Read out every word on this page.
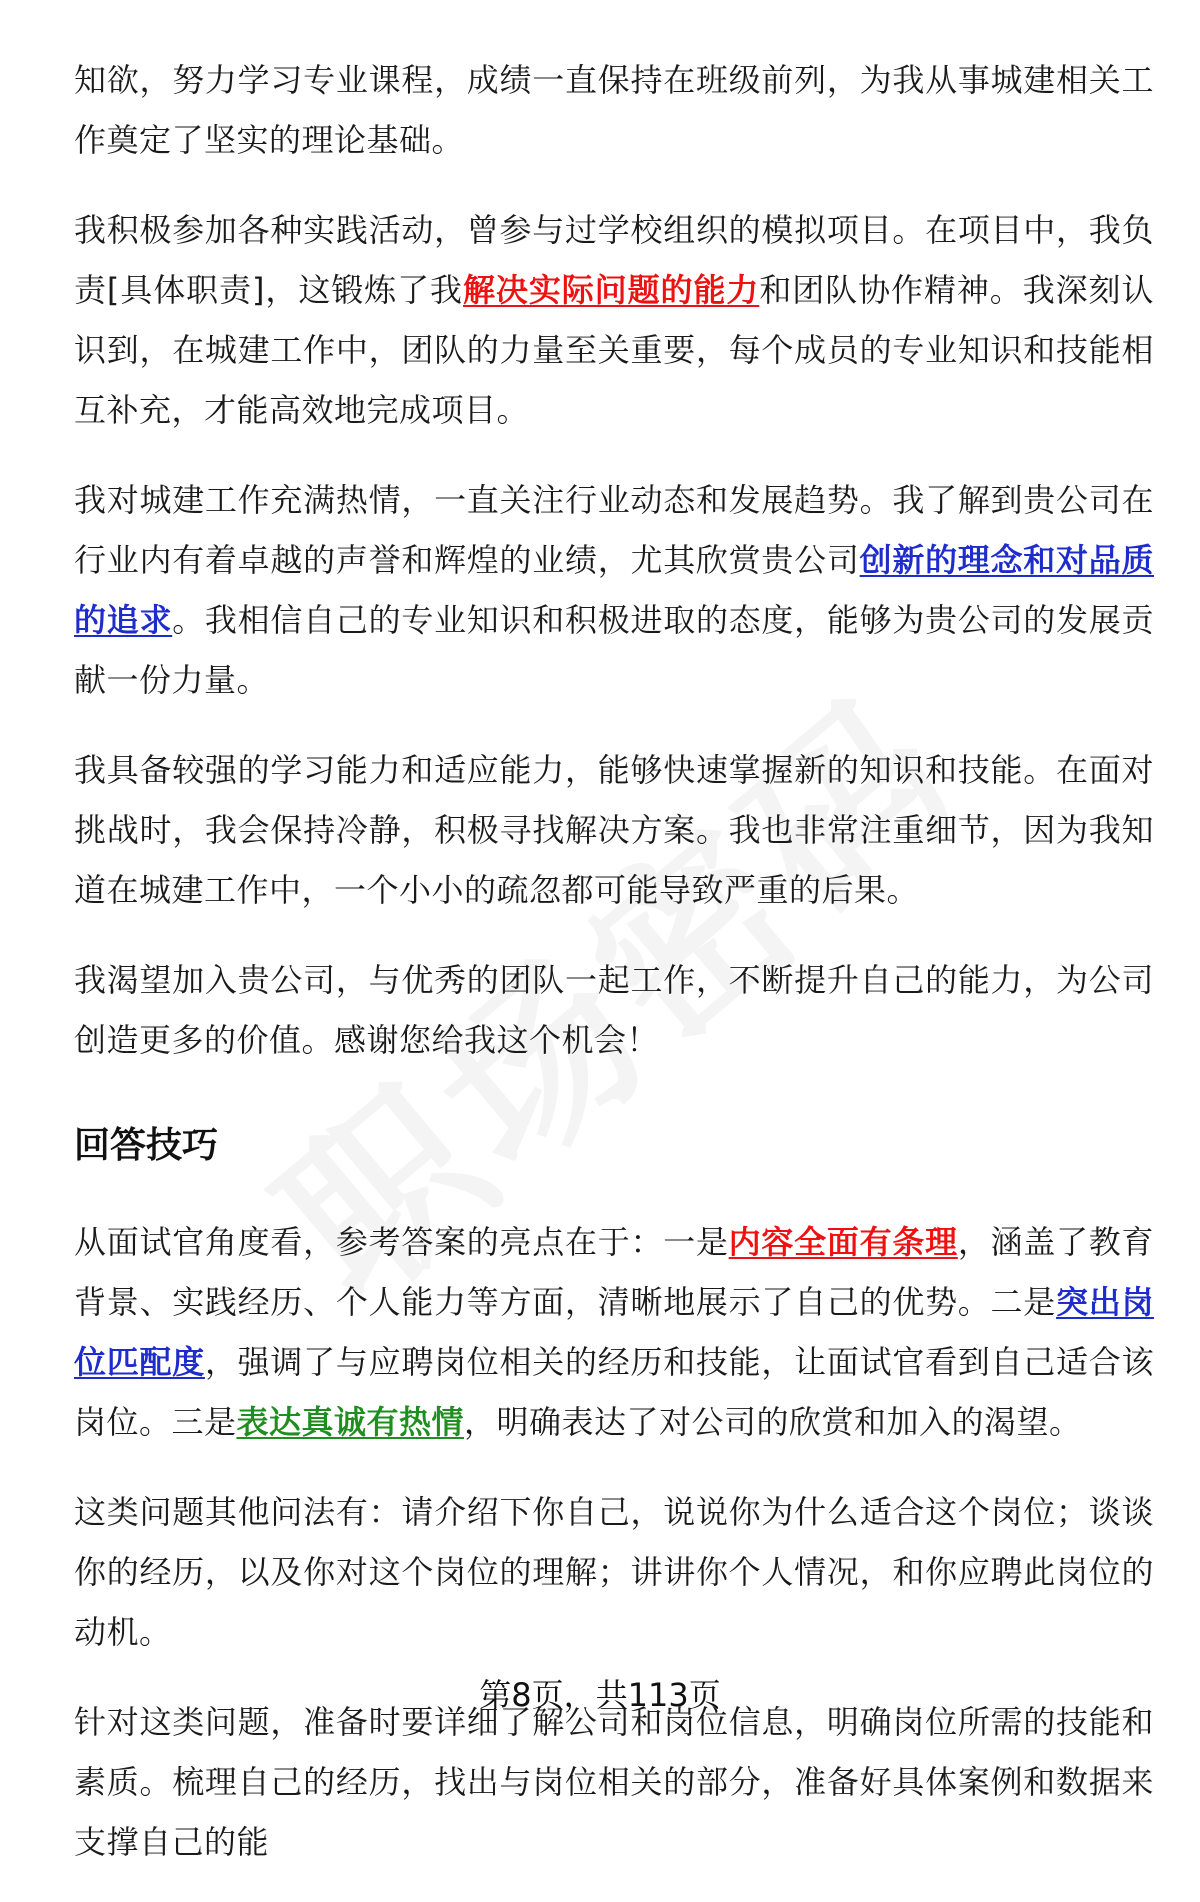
知欲，努力学习专业课程，成绩一直保持在班级前列，为我从事城建相关工作奠定了坚实的理论基础。

我积极参加各种实践活动，曾参与过学校组织的模拟项目。在项目中，我负责[具体职责]，这锻炼了我解决实际问题的能力和团队协作精神。我深刻认识到，在城建工作中，团队的力量至关重要，每个成员的专业知识和技能相互补充，才能高效地完成项目。

我对城建工作充满热情，一直关注行业动态和发展趋势。我了解到贵公司在行业内有着卓越的声誉和辉煌的业绩，尤其欣赏贵公司创新的理念和对品质的追求。我相信自己的专业知识和积极进取的态度，能够为贵公司的发展贡献一份力量。

我具备较强的学习能力和适应能力，能够快速掌握新的知识和技能。在面对挑战时，我会保持冷静，积极寻找解决方案。我也非常注重细节，因为我知道在城建工作中，一个小小的疏忽都可能导致严重的后果。

我渴望加入贵公司，与优秀的团队一起工作，不断提升自己的能力，为公司创造更多的价值。感谢您给我这个机会！

回答技巧

从面试官角度看，参考答案的亮点在于：一是内容全面有条理，涵盖了教育背景、实践经历、个人能力等方面，清晰地展示了自己的优势。二是突出岗位匹配度，强调了与应聘岗位相关的经历和技能，让面试官看到自己适合该岗位。三是表达真诚有热情，明确表达了对公司的欣赏和加入的渴望。

这类问题其他问法有：请介绍下你自己，说说你为什么适合这个岗位；谈谈你的经历，以及你对这个岗位的理解；讲讲你个人情况，和你应聘此岗位的动机。

针对这类问题，准备时要详细了解公司和岗位信息，明确岗位所需的技能和素质。梳理自己的经历，找出与岗位相关的部分，准备好具体案例和数据来支撑自己的能

第8页，共113页
